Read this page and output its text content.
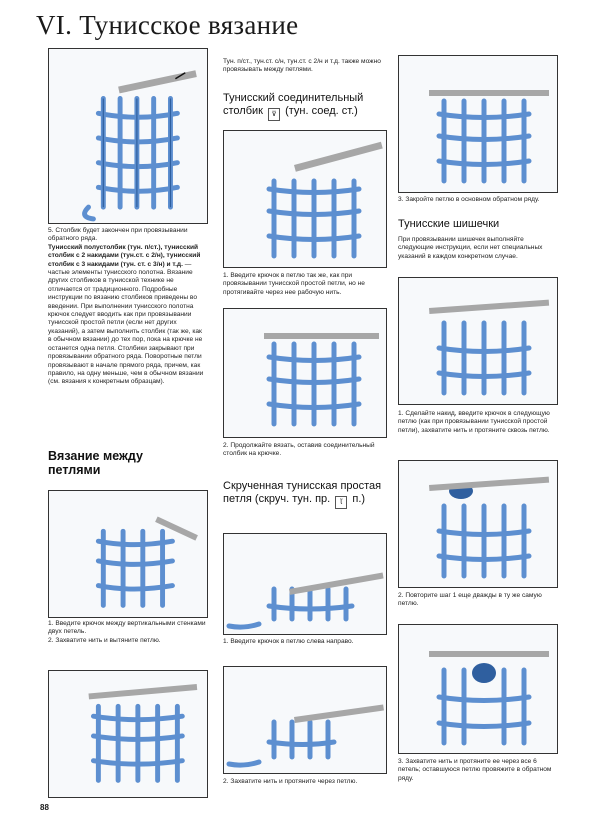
VI. Тунисское вязание
5. Столбик будет закончен при провязывании обратного ряда.
Тунисский полустолбик (тун. п/ст.), тунисский столбик с 2 накидами (тун.ст. с 2/н), тунисский столбик с 3 накидами (тун. ст. с 3/н) и т.д. — частые элементы тунисского полотна. Вязание других столбиков в тунисской технике не отличается от традиционного. Подробные инструкции по вязанию столбиков приведены во введении. При выполнении тунисского полотна крючок следует вводить как при провязывании тунисской простой петли (если нет других указаний), а затем выполнить столбик (так же, как в обычном вязании) до тех пор, пока на крючке не останется одна петля. Столбики закрывают при провязывании обратного ряда. Поворотные петли провязывают в начале прямого ряда, причем, как правило, на одну меньше, чем в обычном вязании (см. вязания к конкретным образцам).
Вязание между петлями
1. Введите крючок между вертикальными стенками двух петель.
2. Захватите нить и вытяните петлю.
Тун. п/ст., тун.ст. с/н, тун.ст. с 2/н и т.д. также можно провязывать между петлями.
Тунисский соединительный столбик ⊽ (тун. соед. ст.)
1. Введите крючок в петлю так же, как при провязывании тунисской простой петли, но не протягивайте через нее рабочую нить.
2. Продолжайте вязать, оставив соединительный столбик на крючке.
Скрученная тунисская простая петля (скруч. тун. пр. ɩ̃ п.)
1. Введите крючок в петлю слева направо.
2. Захватите нить и протяните через петлю.
3. Закройте петлю в основном обратном ряду.
Тунисские шишечки
При провязывании шишечек выполняйте следующие инструкции, если нет специальных указаний в каждом конкретном случае.
1. Сделайте накид, введите крючок в следующую петлю (как при провязывании тунисской простой петли), захватите нить и протяните сквозь петлю.
2. Повторите шаг 1 еще дважды в ту же самую петлю.
3. Захватите нить и протяните ее через все 6 петель; оставшуюся петлю провяжите в обратном ряду.
88
